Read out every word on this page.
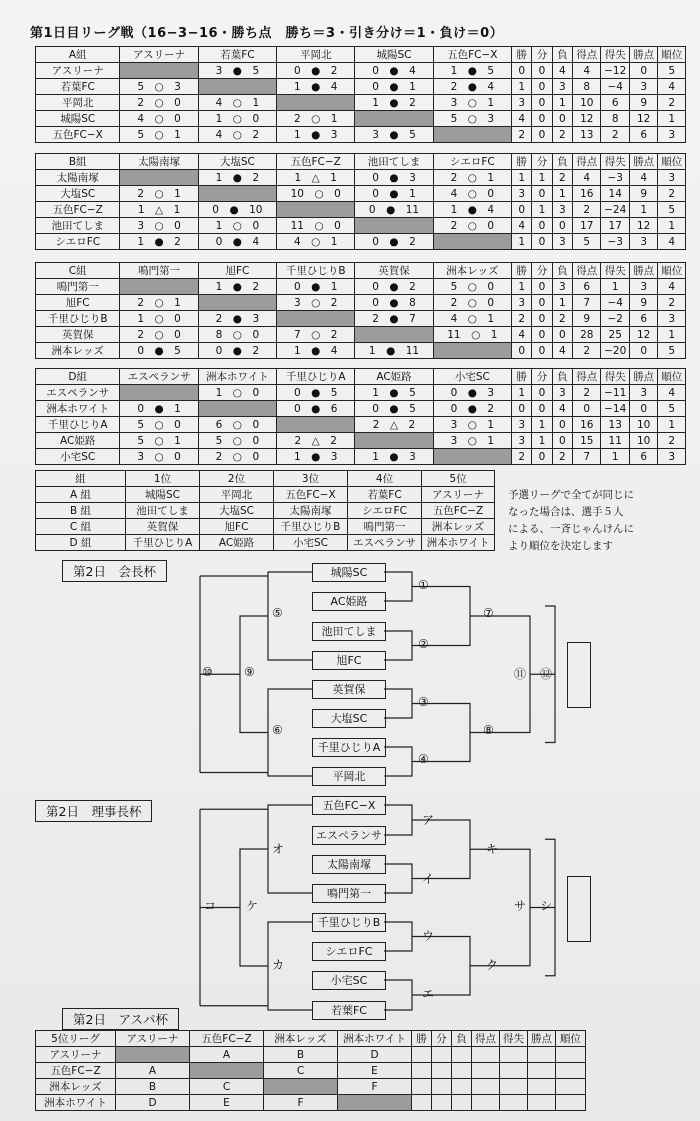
第1日目リーグ戦（16−3−16・勝ち点　勝ち＝3・引き分け＝1・負け＝0）
A組	アスリーナ	若葉FC	平岡北	城陽SC	五色FC−X	勝	分	負	得点	得失	勝点	順位
アスリーナ		3　●　5	0　●　2	0　●　4	1　●　5	0	0	4	4	−12	0	5
若葉FC	5　○　3		1　●　4	0　●　1	2　●　4	1	0	3	8	−4	3	4
平岡北	2　○　0	4　○　1		1　●　2	3　○　1	3	0	1	10	6	9	2
城陽SC	4　○　0	1　○　0	2　○　1		5　○　3	4	0	0	12	8	12	1
五色FC−X	5　○　1	4　○　2	1　●　3	3　●　5		2	0	2	13	2	6	3
B組	太陽南塚	大塩SC	五色FC−Z	池田てしま	シエロFC	勝	分	負	得点	得失	勝点	順位
太陽南塚		1　●　2	1　△　1	0　●　3	2　○　1	1	1	2	4	−3	4	3
大塩SC	2　○　1		10　○　0	0　●　1	4　○　0	3	0	1	16	14	9	2
五色FC−Z	1　△　1	0　●　10		0　●　11	1　●　4	0	1	3	2	−24	1	5
池田てしま	3　○　0	1　○　0	11　○　0		2　○　0	4	0	0	17	17	12	1
シエロFC	1　●　2	0　●　4	4　○　1	0　●　2		1	0	3	5	−3	3	4
C組	鳴門第一	旭FC	千里ひじりB	英賀保	洲本レッズ	勝	分	負	得点	得失	勝点	順位
鳴門第一		1　●　2	0　●　1	0　●　2	5　○　0	1	0	3	6	1	3	4
旭FC	2　○　1		3　○　2	0　●　8	2　○　0	3	0	1	7	−4	9	2
千里ひじりB	1　○　0	2　●　3		2　●　7	4　○　1	2	0	2	9	−2	6	3
英賀保	2　○　0	8　○　0	7　○　2		11　○　1	4	0	0	28	25	12	1
洲本レッズ	0　●　5	0　●　2	1　●　4	1　●　11		0	0	4	2	−20	0	5
D組	エスペランサ	洲本ホワイト	千里ひじりA	AC姫路	小宅SC	勝	分	負	得点	得失	勝点	順位
エスペランサ		1　○　0	0　●　5	1　●　5	0　●　3	1	0	3	2	−11	3	4
洲本ホワイト	0　●　1		0　●　6	0　●　5	0　●　2	0	0	4	0	−14	0	5
千里ひじりA	5　○　0	6　○　0		2　△　2	3　○　1	3	1	0	16	13	10	1
AC姫路	5　○　1	5　○　0	2　△　2		3　○　1	3	1	0	15	11	10	2
小宅SC	3　○　0	2　○　0	1　●　3	1　●　3		2	0	2	7	1	6	3
組	1位	2位	3位	4位	5位
A 組	城陽SC	平岡北	五色FC−X	若葉FC	アスリーナ
B 組	池田てしま	大塩SC	太陽南塚	シエロFC	五色FC−Z
C 組	英賀保	旭FC	千里ひじりB	鳴門第一	洲本レッズ
D 組	千里ひじりA	AC姫路	小宅SC	エスペランサ	洲本ホワイト
予選リーグで全てが同じに
なった場合は、選手５人
による、一斉じゃんけんに
より順位を決定します
第2日　会長杯
第2日　理事長杯
第2日　アスパ杯
城陽SC
AC姫路
池田てしま
旭FC
英賀保
大塩SC
千里ひじりA
平岡北
①
②
③
④
⑤
⑥
⑦
⑧
⑨
⑩	⑪ ⑫
五色FC−X
エスペランサ
太陽南塚
鳴門第一
千里ひじりB
シエロFC
小宅SC
若葉FC
ア
イ
ウ
エ
オ
カ
キ
ク
ケ
コ	サ シ
5位リーグ	アスリーナ	五色FC−Z	洲本レッズ	洲本ホワイト	勝	分	負	得点	得失	勝点	順位
アスリーナ		A	B	D							
五色FC−Z	A		C	E							
洲本レッズ	B	C		F							
洲本ホワイト	D	E	F								
